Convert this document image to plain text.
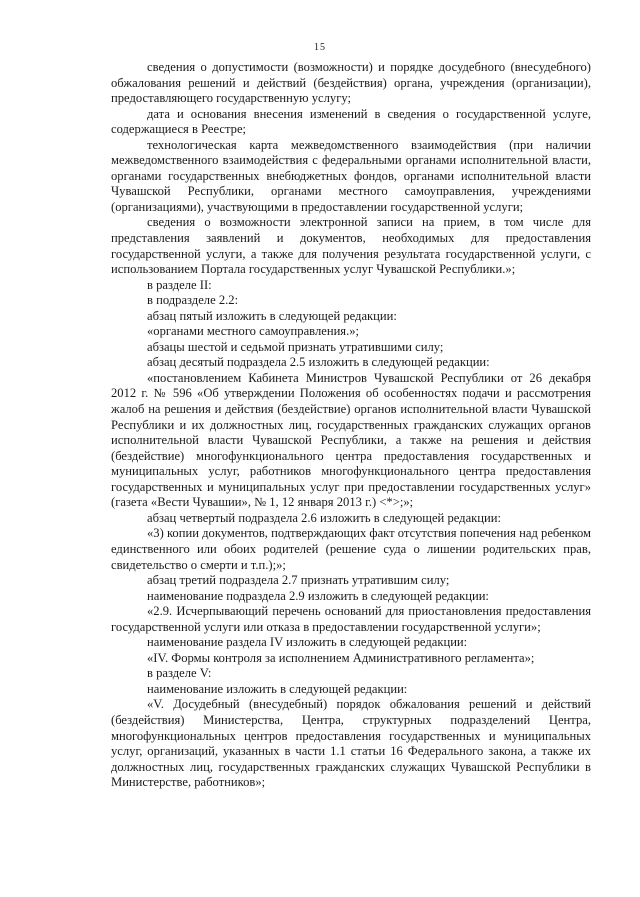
15

сведения о допустимости (возможности) и порядке досудебного (внесудебного) обжалования решений и действий (бездействия) органа, учреждения (организации), предоставляющего государственную услугу;

дата и основания внесения изменений в сведения о государственной услуге, содержащиеся в Реестре;

технологическая карта межведомственного взаимодействия (при наличии межведомственного взаимодействия с федеральными органами исполнительной власти, органами государственных внебюджетных фондов, органами исполнительной власти Чувашской Республики, органами местного самоуправления, учреждениями (организациями), участвующими в предоставлении государственной услуги;

сведения о возможности электронной записи на прием, в том числе для представления заявлений и документов, необходимых для предоставления государственной услуги, а также для получения результата государственной услуги, с использованием Портала государственных услуг Чувашской Республики.»;

в разделе II:

в подразделе 2.2:

абзац пятый изложить в следующей редакции:

«органами местного самоуправления.»;

абзацы шестой и седьмой признать утратившими силу;

абзац десятый подраздела 2.5 изложить в следующей редакции:

«постановлением Кабинета Министров Чувашской Республики от 26 декабря 2012 г. № 596 «Об утверждении Положения об особенностях подачи и рассмотрения жалоб на решения и действия (бездействие) органов исполнительной власти Чувашской Республики и их должностных лиц, государственных гражданских служащих органов исполнительной власти Чувашской Республики, а также на решения и действия (бездействие) многофункционального центра предоставления государственных и муниципальных услуг, работников многофункционального центра предоставления государственных и муниципальных услуг при предоставлении государственных услуг» (газета «Вести Чувашии», № 1, 12 января 2013 г.) <*>;»;

абзац четвертый подраздела 2.6 изложить в следующей редакции:

«3) копии документов, подтверждающих факт отсутствия попечения над ребенком единственного или обоих родителей (решение суда о лишении родительских прав, свидетельство о смерти и т.п.);»;

абзац третий подраздела 2.7 признать утратившим силу;

наименование подраздела 2.9 изложить в следующей редакции:

«2.9. Исчерпывающий перечень оснований для приостановления предоставления государственной услуги или отказа в предоставлении государственной услуги»;

наименование раздела IV изложить в следующей редакции:

«IV. Формы контроля за исполнением Административного регламента»;

в разделе V:

наименование изложить в следующей редакции:

«V. Досудебный (внесудебный) порядок обжалования решений и действий (бездействия) Министерства, Центра, структурных подразделений Центра, многофункциональных центров предоставления государственных и муниципальных услуг, организаций, указанных в части 1.1 статьи 16 Федерального закона, а также их должностных лиц, государственных гражданских служащих Чувашской Республики в Министерстве, работников»;
